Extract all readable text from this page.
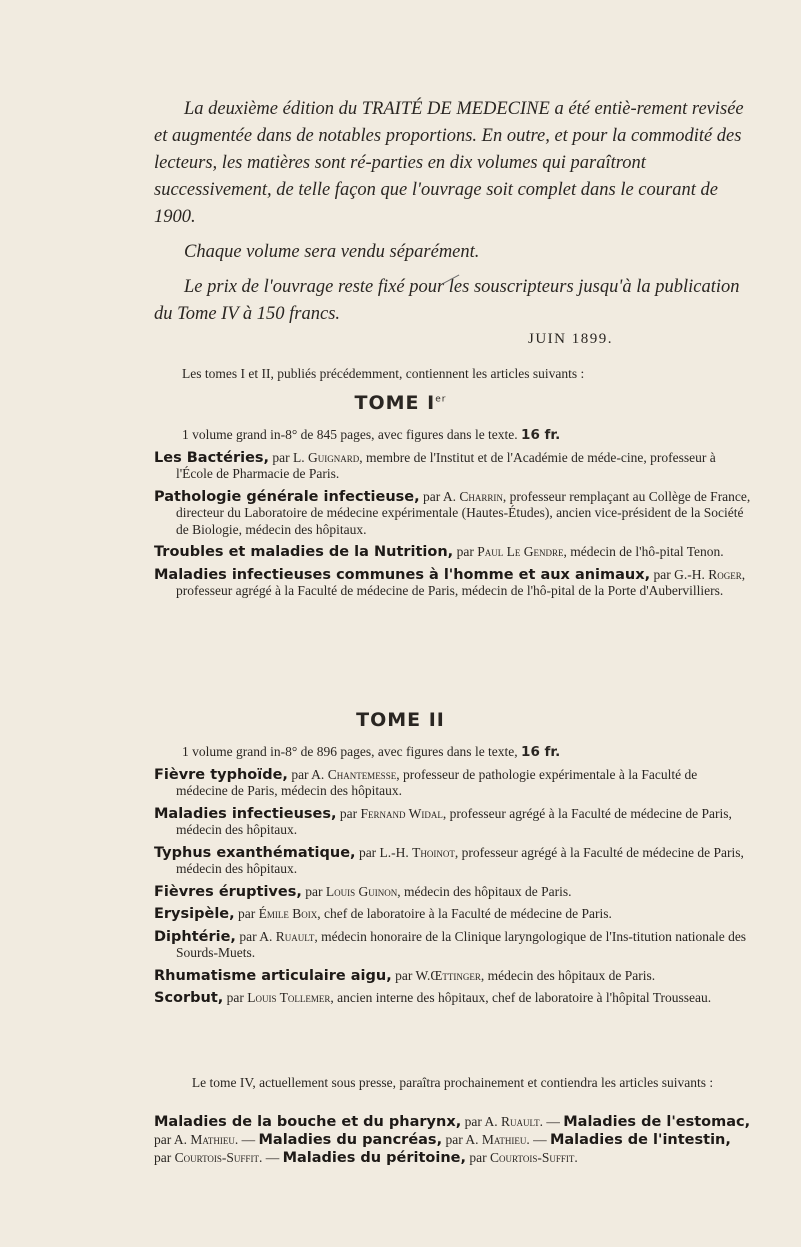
La deuxième édition du TRAITÉ DE MEDECINE a été entiè-rement revisée et augmentée dans de notables proportions. En outre, et pour la commodité des lecteurs, les matières sont ré-parties en dix volumes qui paraîtront successivement, de telle façon que l'ouvrage soit complet dans le courant de 1900.

Chaque volume sera vendu séparément.

Le prix de l'ouvrage reste fixé pour les souscripteurs jusqu'à la publication du Tome IV à 150 francs.

JUIN 1899.
Les tomes I et II, publiés précédemment, contiennent les articles suivants :
TOME Ier

1 volume grand in-8° de 845 pages, avec figures dans le texte. 16 fr.

Les Bactéries, par L. Guignard, membre de l'Institut et de l'Académie de méde-cine, professeur à l'École de Pharmacie de Paris.

Pathologie générale infectieuse, par A. Charrin, professeur remplaçant au Collège de France, directeur du Laboratoire de médecine expérimentale (Hautes-Études), ancien vice-président de la Société de Biologie, médecin des hôpitaux.

Troubles et maladies de la Nutrition, par Paul Le Gendre, médecin de l'hô-pital Tenon.

Maladies infectieuses communes à l'homme et aux animaux, par G.-H. Roger, professeur agrégé à la Faculté de médecine de Paris, médecin de l'hô-pital de la Porte d'Aubervilliers.

TOME II

1 volume grand in-8° de 896 pages, avec figures dans le texte, 16 fr.

Fièvre typhoïde, par A. Chantemesse, professeur de pathologie expérimentale à la Faculté de médecine de Paris, médecin des hôpitaux.

Maladies infectieuses, par Fernand Widal, professeur agrégé à la Faculté de médecine de Paris, médecin des hôpitaux.

Typhus exanthématique, par L.-H. Thoinot, professeur agrégé à la Faculté de médecine de Paris, médecin des hôpitaux.

Fièvres éruptives, par Louis Guinon, médecin des hôpitaux de Paris.

Erysipèle, par Émile Boix, chef de laboratoire à la Faculté de médecine de Paris.

Diphtérie, par A. Ruault, médecin honoraire de la Clinique laryngologique de l'Ins-titution nationale des Sourds-Muets.

Rhumatisme articulaire aigu, par W.Œttinger, médecin des hôpitaux de Paris.

Scorbut, par Louis Tollemer, ancien interne des hôpitaux, chef de laboratoire à l'hôpital Trousseau.

Le tome IV, actuellement sous presse, paraîtra prochainement et contiendra les articles suivants :
Maladies de la bouche et du pharynx, par A. Ruault. — Maladies de l'estomac, par A. Mathieu. — Maladies du pancréas, par A. Mathieu. — Maladies de l'intestin, par Courtois-Suffit. — Maladies du péritoine, par Courtois-Suffit.
